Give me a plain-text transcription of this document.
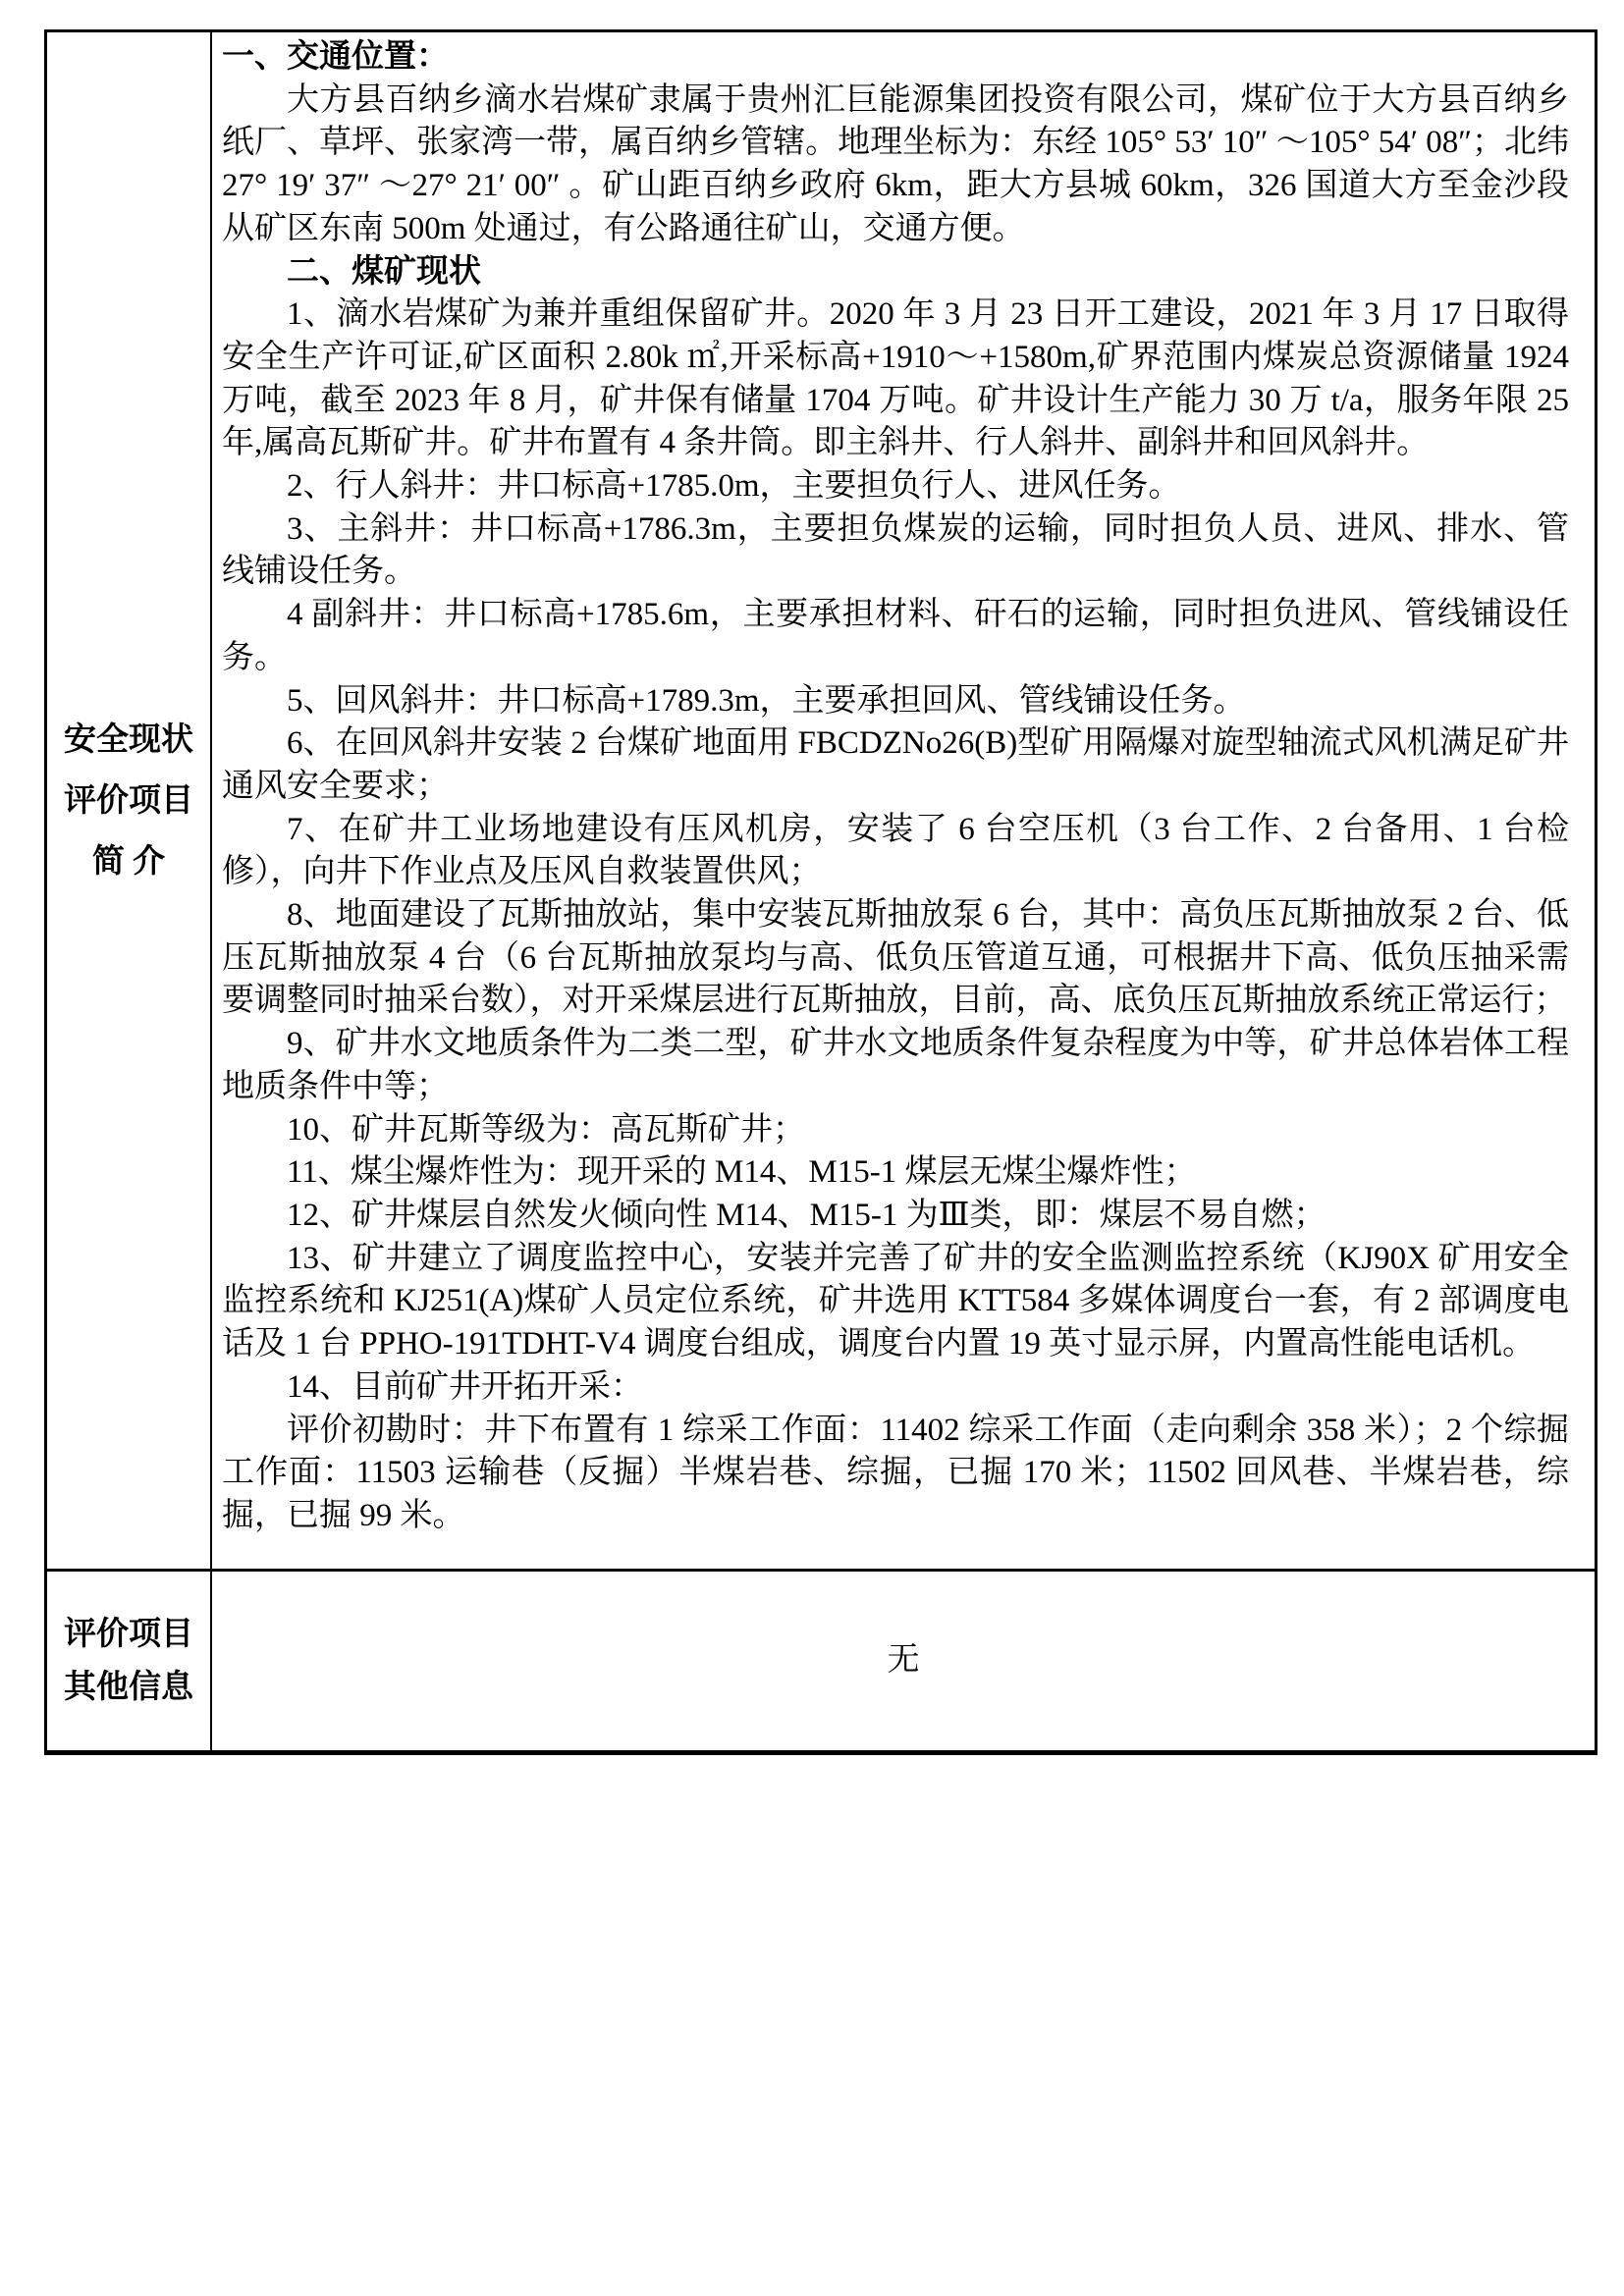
安全现状
评价项目
简 介

一、交通位置：

大方县百纳乡滴水岩煤矿隶属于贵州汇巨能源集团投资有限公司，煤矿位于大方县百纳乡纸厂、草坪、张家湾一带，属百纳乡管辖。地理坐标为：东经 105° 53′ 10″ ～105° 54′ 08″；北纬 27° 19′ 37″ ～27° 21′ 00″ 。矿山距百纳乡政府 6km，距大方县城 60km，326 国道大方至金沙段从矿区东南 500m 处通过，有公路通往矿山，交通方便。

二、煤矿现状

1、滴水岩煤矿为兼并重组保留矿井。2020 年 3 月 23 日开工建设，2021 年 3 月 17 日取得安全生产许可证,矿区面积 2.80k ㎡,开采标高+1910～+1580m,矿界范围内煤炭总资源储量 1924 万吨，截至 2023 年 8 月，矿井保有储量 1704 万吨。矿井设计生产能力 30 万 t/a，服务年限 25 年,属高瓦斯矿井。矿井布置有 4 条井筒。即主斜井、行人斜井、副斜井和回风斜井。

2、行人斜井：井口标高+1785.0m，主要担负行人、进风任务。

3、主斜井：井口标高+1786.3m，主要担负煤炭的运输，同时担负人员、进风、排水、管线铺设任务。

4 副斜井：井口标高+1785.6m，主要承担材料、矸石的运输，同时担负进风、管线铺设任务。

5、回风斜井：井口标高+1789.3m，主要承担回风、管线铺设任务。

6、在回风斜井安装 2 台煤矿地面用 FBCDZNo26(B)型矿用隔爆对旋型轴流式风机满足矿井通风安全要求；

7、在矿井工业场地建设有压风机房，安装了 6 台空压机（3 台工作、2 台备用、1 台检修），向井下作业点及压风自救装置供风；

8、地面建设了瓦斯抽放站，集中安装瓦斯抽放泵 6 台，其中：高负压瓦斯抽放泵 2 台、低压瓦斯抽放泵 4 台（6 台瓦斯抽放泵均与高、低负压管道互通，可根据井下高、低负压抽采需要调整同时抽采台数），对开采煤层进行瓦斯抽放，目前，高、底负压瓦斯抽放系统正常运行；

9、矿井水文地质条件为二类二型，矿井水文地质条件复杂程度为中等，矿井总体岩体工程地质条件中等；

10、矿井瓦斯等级为：高瓦斯矿井；

11、煤尘爆炸性为：现开采的 M14、M15-1 煤层无煤尘爆炸性；

12、矿井煤层自然发火倾向性 M14、M15-1 为Ⅲ类，即：煤层不易自燃；

13、矿井建立了调度监控中心，安装并完善了矿井的安全监测监控系统（KJ90X 矿用安全监控系统和 KJ251(A)煤矿人员定位系统，矿井选用 KTT584 多媒体调度台一套，有 2 部调度电话及 1 台 PPHO-191TDHT-V4 调度台组成，调度台内置 19 英寸显示屏，内置高性能电话机。

14、目前矿井开拓开采：

评价初勘时：井下布置有 1 综采工作面：11402 综采工作面（走向剩余 358 米）；2 个综掘工作面：11503 运输巷（反掘）半煤岩巷、综掘，已掘 170 米；11502 回风巷、半煤岩巷，综掘，已掘 99 米。

评价项目
其他信息
无
